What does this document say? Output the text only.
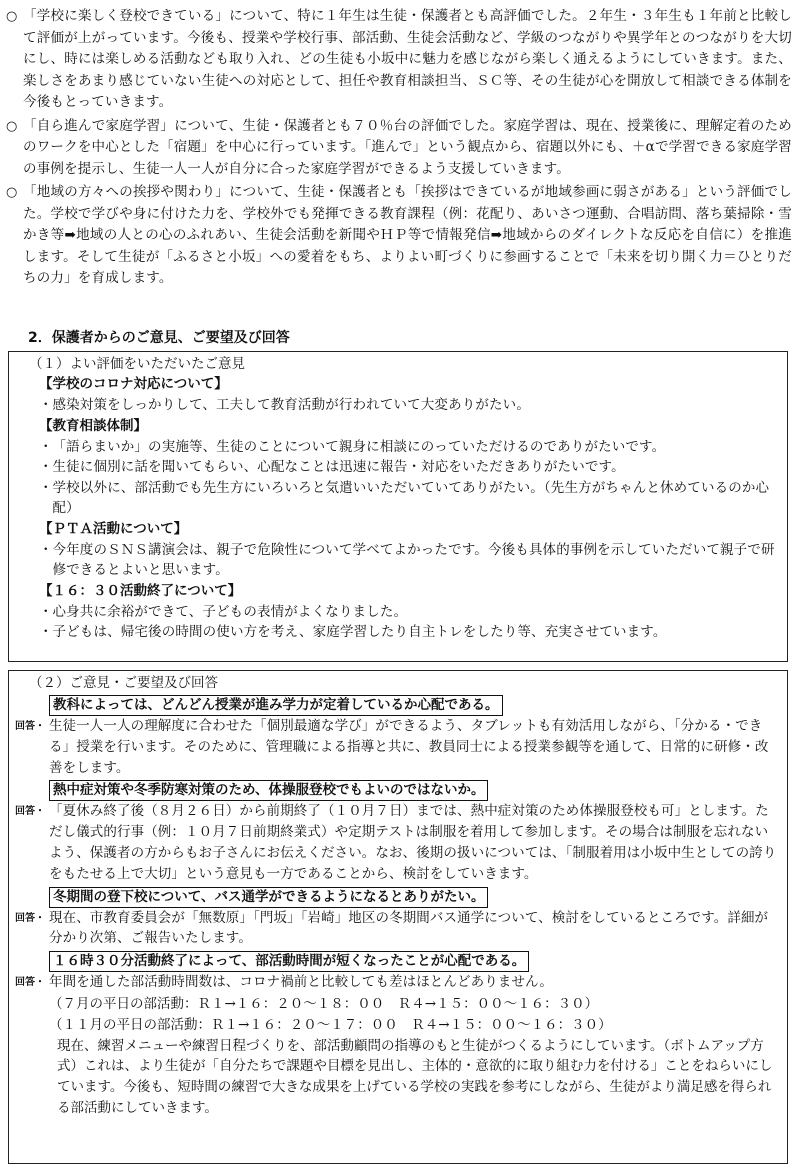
○ 「学校に楽しく登校できている」について、特に１年生は生徒・保護者とも高評価でした。２年生・３年生も１年前と比較して評価が上がっています。今後も、授業や学校行事、部活動、生徒会活動など、学級のつながりや異学年とのつながりを大切にし、時には楽しめる活動なども取り入れ、どの生徒も小坂中に魅力を感じながら楽しく通えるようにしていきます。また、楽しさをあまり感じていない生徒への対応として、担任や教育相談担当、ＳＣ等、その生徒が心を開放して相談できる体制を今後もとっていきます。
○ 「自ら進んで家庭学習」について、生徒・保護者とも７０％台の評価でした。家庭学習は、現在、授業後に、理解定着のためのワークを中心とした「宿題」を中心に行っています。「進んで」という観点から、宿題以外にも、＋αで学習できる家庭学習の事例を提示し、生徒一人一人が自分に合った家庭学習ができるよう支援していきます。
○ 「地域の方々への挨拶や関わり」について、生徒・保護者とも「挨拶はできているが地域参画に弱さがある」という評価でした。学校で学びや身に付けた力を、学校外でも発揮できる教育課程（例：花配り、あいさつ運動、合唱訪問、落ち葉掃除・雪かき等➡地域の人との心のふれあい、生徒会活動を新聞やＨＰ等で情報発信➡地域からのダイレクトな反応を自信に）を推進します。そして生徒が「ふるさと小坂」への愛着をもち、よりよい町づくりに参画することで「未来を切り開く力＝ひとりだちの力」を育成します。
2．保護者からのご意見、ご要望及び回答
（１）よい評価をいただいたご意見
【学校のコロナ対応について】
・ 感染対策をしっかりして、工夫して教育活動が行われていて大変ありがたい。
【教育相談体制】
・ 「語らまいか」の実施等、生徒のことについて親身に相談にのっていただけるのでありがたいです。
・ 生徒に個別に話を聞いてもらい、心配なことは迅速に報告・対応をいただきありがたいです。
・ 学校以外に、部活動でも先生方にいろいろと気遣いいただいていてありがたい。（先生方がちゃんと休めているのか心配）
【ＰＴＡ活動について】
・ 今年度のＳＮＳ講演会は、親子で危険性について学べてよかったです。今後も具体的事例を示していただいて親子で研修できるとよいと思います。
【１６：３０活動終了について】
・ 心身共に余裕ができて、子どもの表情がよくなりました。
・ 子どもは、帰宅後の時間の使い方を考え、家庭学習したり自主トレをしたり等、充実させています。
（２）ご意見・ご要望及び回答
教科によっては、どんどん授業が進み学力が定着しているか心配である。
回答・ 生徒一人一人の理解度に合わせた「個別最適な学び」ができるよう、タブレットも有効活用しながら、「分かる・できる」授業を行います。そのために、管理職による指導と共に、教員同士による授業参観等を通して、日常的に研修・改善をします。
熱中症対策や冬季防寒対策のため、体操服登校でもよいのではないか。
回答・ 「夏休み終了後（８月２６日）から前期終了（１０月７日）までは、熱中症対策のため体操服登校も可」とします。ただし儀式的行事（例：１０月７日前期終業式）や定期テストは制服を着用して参加します。その場合は制服を忘れないよう、保護者の方からもお子さんにお伝えください。なお、後期の扱いについては、「制服着用は小坂中生としての誇りをもたせる上で大切」という意見も一方であることから、検討をしていきます。
冬期間の登下校について、バス通学ができるようになるとありがたい。
回答・ 現在、市教育委員会が「無数原」「門坂」「岩崎」地区の冬期間バス通学について、検討をしているところです。詳細が分かり次第、ご報告いたします。
１６時３０分活動終了によって、部活動時間が短くなったことが心配である。
回答・ 年間を通した部活動時間数は、コロナ禍前と比較しても差はほとんどありません。
（７月の平日の部活動：Ｒ１→１６：２０～１８：００　Ｒ４→１５：００～１６：３０）
（１１月の平日の部活動：Ｒ１→１６：２０～１７：００　Ｒ４→１５：００～１６：３０）
現在、練習メニューや練習日程づくりを、部活動顧問の指導のもと生徒がつくるようにしています。（ボトムアップ方式）これは、より生徒が「自分たちで課題や目標を見出し、主体的・意欲的に取り組む力を付ける」ことをねらいにしています。今後も、短時間の練習で大きな成果を上げている学校の実践を参考にしながら、生徒がより満足感を得られる部活動にしていきます。
